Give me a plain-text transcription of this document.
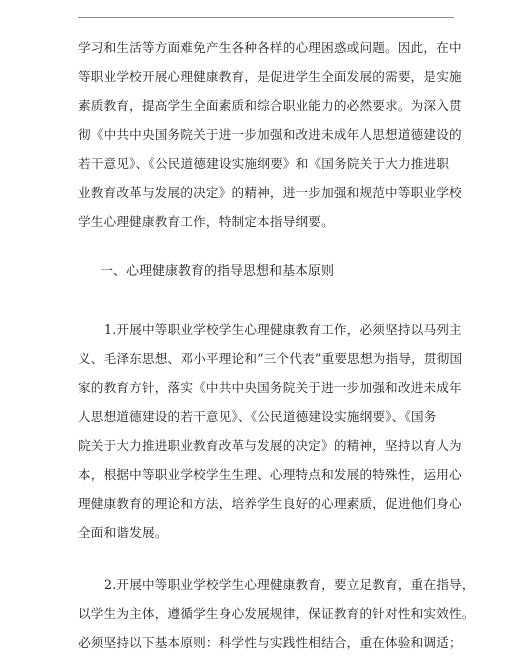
学习和生活等方面难免产生各种各样的心理困惑或问题。因此，在中
等职业学校开展心理健康教育，是促进学生全面发展的需要，是实施
素质教育，提高学生全面素质和综合职业能力的必然要求。为深入贯
彻《中共中央国务院关于进一步加强和改进未成年人思想道德建设的
若干意见》、《公民道德建设实施纲要》和《国务院关于大力推进职
业教育改革与发展的决定》的精神，进一步加强和规范中等职业学校
学生心理健康教育工作，特制定本指导纲要。
一、心理健康教育的指导思想和基本原则
1.开展中等职业学校学生心理健康教育工作，必须坚持以马列主
义、毛泽东思想、邓小平理论和“三个代表”重要思想为指导，贯彻国
家的教育方针，落实《中共中央国务院关于进一步加强和改进未成年
人思想道德建设的若干意见》、《公民道德建设实施纲要》、《国务
院关于大力推进职业教育改革与发展的决定》的精神，坚持以育人为
本，根据中等职业学校学生生理、心理特点和发展的特殊性，运用心
理健康教育的理论和方法，培养学生良好的心理素质，促进他们身心
全面和谐发展。
2.开展中等职业学校学生心理健康教育，要立足教育，重在指导，
以学生为主体，遵循学生身心发展规律，保证教育的针对性和实效性。
必须坚持以下基本原则：科学性与实践性相结合，重在体验和调适；
